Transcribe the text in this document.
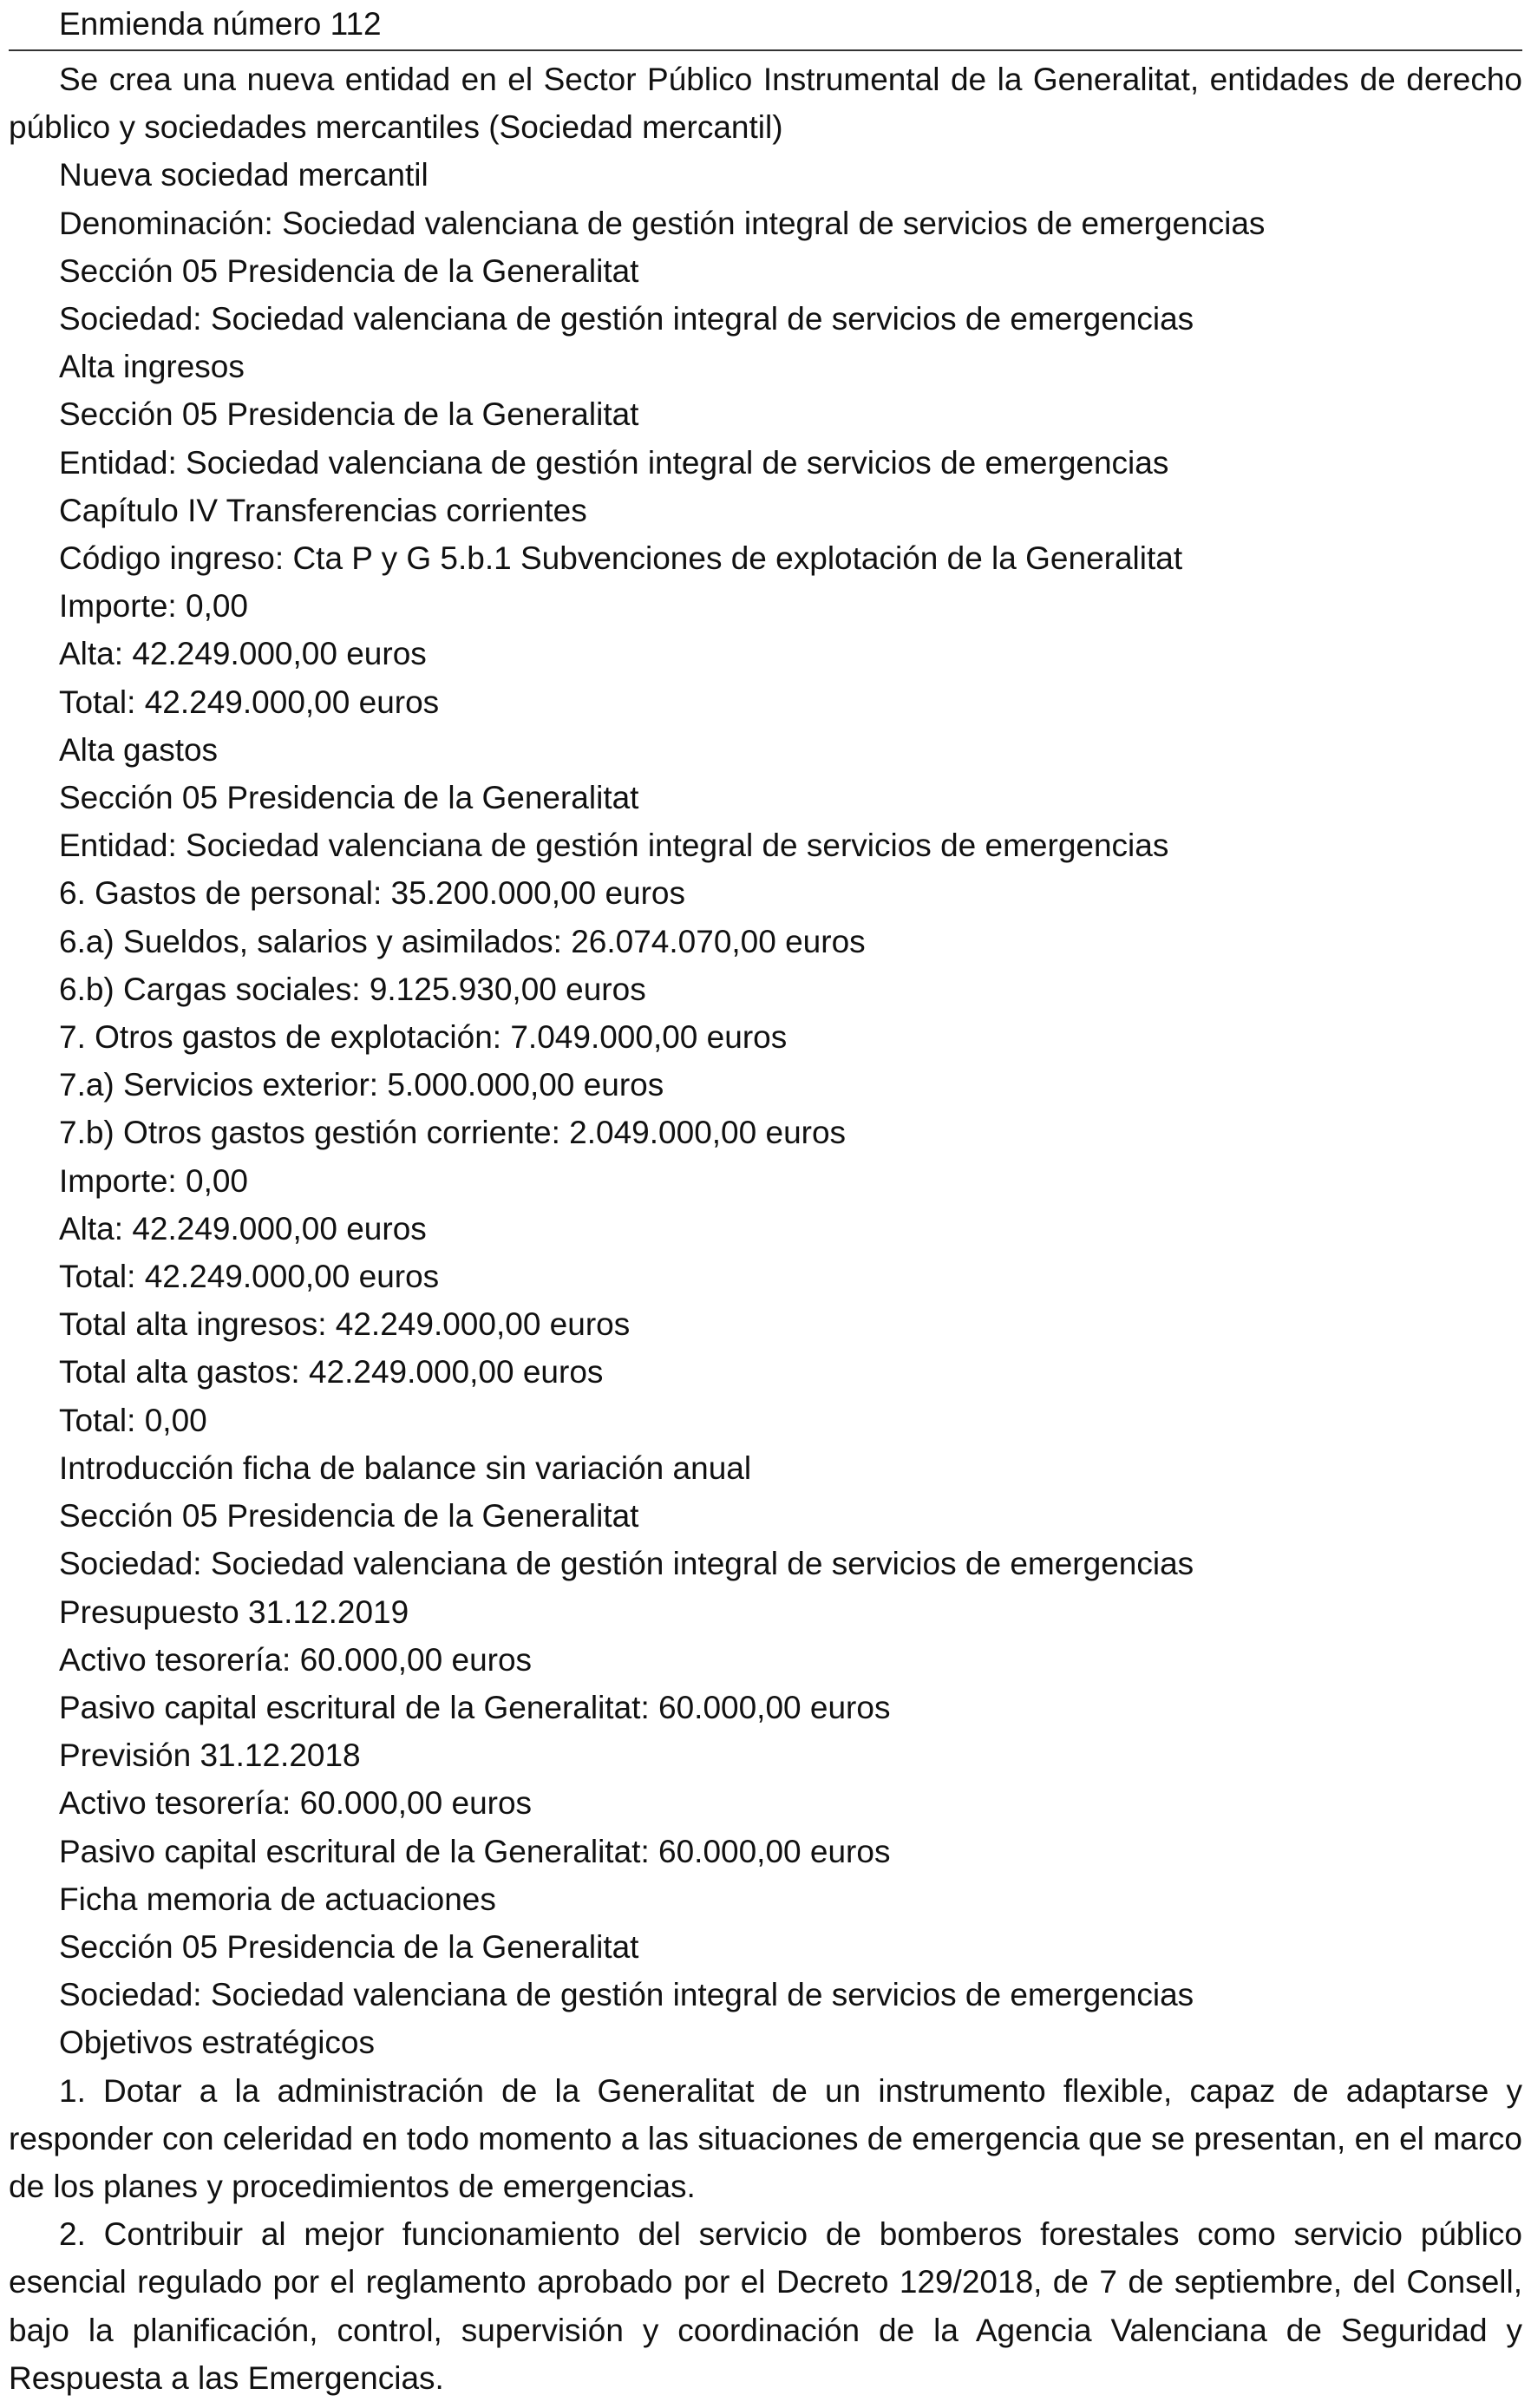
Enmienda número 112

Se crea una nueva entidad en el Sector Público Instrumental de la Generalitat, entidades de derecho público y sociedades mercantiles (Sociedad mercantil)

Nueva sociedad mercantil

Denominación: Sociedad valenciana de gestión integral de servicios de emergencias

Sección 05 Presidencia de la Generalitat

Sociedad: Sociedad valenciana de gestión integral de servicios de emergencias

Alta ingresos

Sección 05 Presidencia de la Generalitat

Entidad: Sociedad valenciana de gestión integral de servicios de emergencias

Capítulo IV Transferencias corrientes

Código ingreso: Cta P y G 5.b.1 Subvenciones de explotación de la Generalitat

Importe: 0,00

Alta: 42.249.000,00 euros

Total: 42.249.000,00 euros

Alta gastos

Sección 05 Presidencia de la Generalitat

Entidad: Sociedad valenciana de gestión integral de servicios de emergencias

6. Gastos de personal: 35.200.000,00 euros

6.a) Sueldos, salarios y asimilados: 26.074.070,00 euros

6.b) Cargas sociales: 9.125.930,00 euros

7. Otros gastos de explotación: 7.049.000,00 euros

7.a) Servicios exterior: 5.000.000,00 euros

7.b) Otros gastos gestión corriente: 2.049.000,00 euros

Importe: 0,00

Alta: 42.249.000,00 euros

Total: 42.249.000,00 euros

Total alta ingresos: 42.249.000,00 euros

Total alta gastos: 42.249.000,00 euros

Total: 0,00

Introducción ficha de balance sin variación anual

Sección 05 Presidencia de la Generalitat

Sociedad: Sociedad valenciana de gestión integral de servicios de emergencias

Presupuesto 31.12.2019

Activo tesorería: 60.000,00 euros

Pasivo capital escritural de la Generalitat: 60.000,00 euros

Previsión 31.12.2018

Activo tesorería: 60.000,00 euros

Pasivo capital escritural de la Generalitat: 60.000,00 euros

Ficha memoria de actuaciones

Sección 05 Presidencia de la Generalitat

Sociedad: Sociedad valenciana de gestión integral de servicios de emergencias

Objetivos estratégicos

1. Dotar a la administración de la Generalitat de un instrumento flexible, capaz de adaptarse y responder con celeridad en todo momento a las situaciones de emergencia que se presentan, en el marco de los planes y procedimientos de emergencias.

2. Contribuir al mejor funcionamiento del servicio de bomberos forestales como servicio público esencial regulado por el reglamento aprobado por el Decreto 129/2018, de 7 de septiembre, del Consell, bajo la planificación, control, supervisión y coordinación de la Agencia Valenciana de Seguridad y Respuesta a las Emergencias.
